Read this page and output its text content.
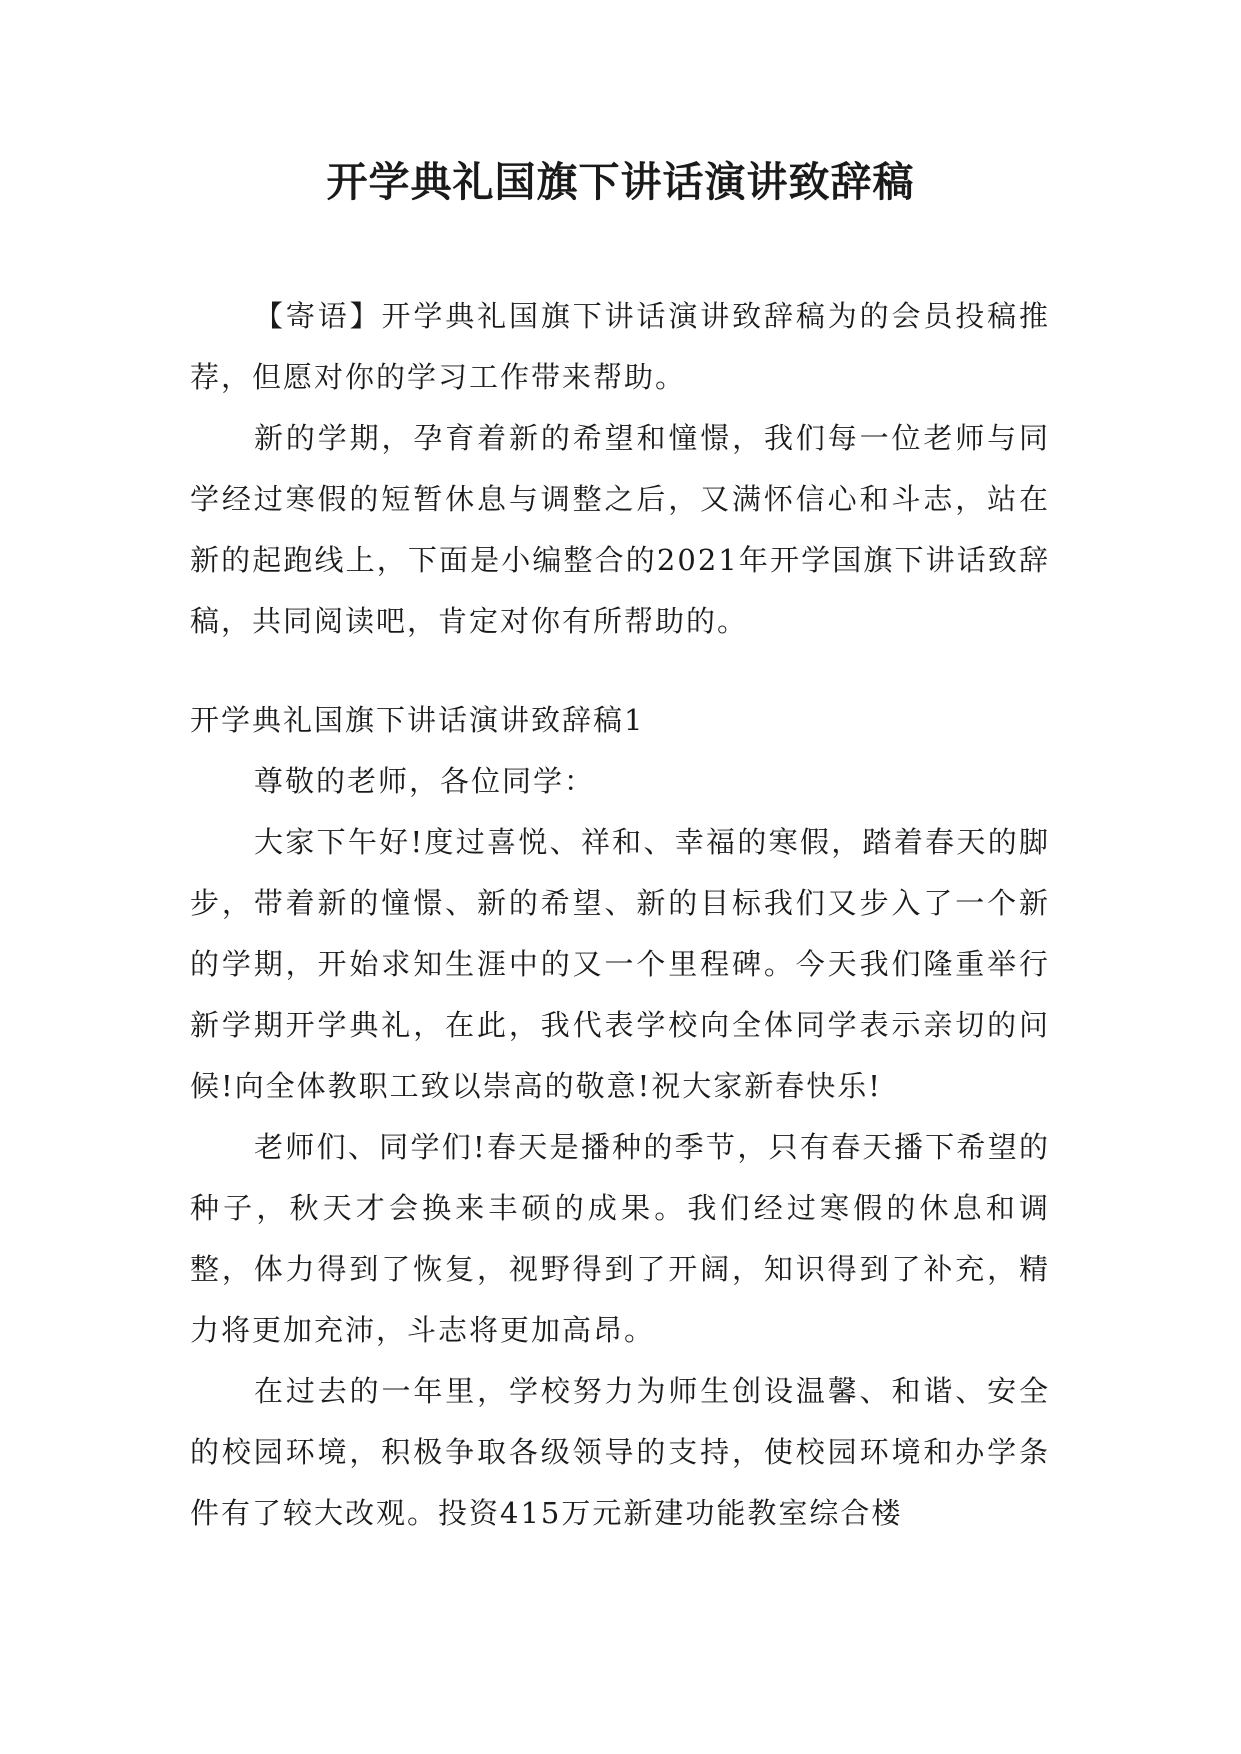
开学典礼国旗下讲话演讲致辞稿

【寄语】开学典礼国旗下讲话演讲致辞稿为的会员投稿推荐，但愿对你的学习工作带来帮助。

新的学期，孕育着新的希望和憧憬，我们每一位老师与同学经过寒假的短暂休息与调整之后，又满怀信心和斗志，站在新的起跑线上，下面是小编整合的2021年开学国旗下讲话致辞稿，共同阅读吧，肯定对你有所帮助的。

开学典礼国旗下讲话演讲致辞稿1

尊敬的老师，各位同学：

大家下午好!度过喜悦、祥和、幸福的寒假，踏着春天的脚步，带着新的憧憬、新的希望、新的目标我们又步入了一个新的学期，开始求知生涯中的又一个里程碑。今天我们隆重举行新学期开学典礼，在此，我代表学校向全体同学表示亲切的问候!向全体教职工致以崇高的敬意!祝大家新春快乐!

老师们、同学们!春天是播种的季节，只有春天播下希望的种子，秋天才会换来丰硕的成果。我们经过寒假的休息和调整，体力得到了恢复，视野得到了开阔，知识得到了补充，精力将更加充沛，斗志将更加高昂。

在过去的一年里，学校努力为师生创设温馨、和谐、安全的校园环境，积极争取各级领导的支持，使校园环境和办学条件有了较大改观。投资415万元新建功能教室综合楼
